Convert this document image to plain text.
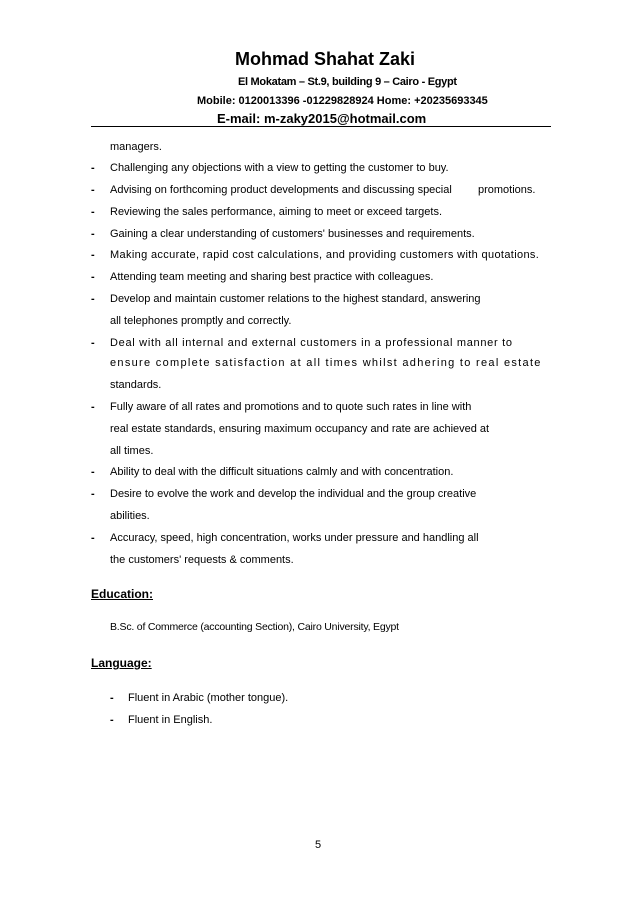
Mohmad Shahat Zaki
El Mokatam – St.9, building 9 – Cairo - Egypt
Mobile: 0120013396 -01229828924 Home: +20235693345
E-mail: m-zaky2015@hotmail.com
managers.
- Challenging any objections with a view to getting the customer to buy.
- Advising on forthcoming product developments and discussing special promotions.
- Reviewing the sales performance, aiming to meet or exceed targets.
- Gaining a clear understanding of customers' businesses and requirements.
- Making accurate, rapid cost calculations, and providing customers with quotations.
- Attending team meeting and sharing best practice with colleagues.
- Develop and maintain customer relations to the highest standard, answering
all telephones promptly and correctly.
- Deal with all internal and external customers in a professional manner to
ensure complete satisfaction at all times whilst adhering to real estate
standards.
- Fully aware of all rates and promotions and to quote such rates in line with
real estate standards, ensuring maximum occupancy and rate are achieved at
all times.
- Ability to deal with the difficult situations calmly and with concentration.
- Desire to evolve the work and develop the individual and the group creative
abilities.
- Accuracy, speed, high concentration, works under pressure and handling all
the customers' requests & comments.
Education:
B.Sc. of Commerce (accounting Section), Cairo University, Egypt
Language:
- Fluent in Arabic (mother tongue).
- Fluent in English.
5
